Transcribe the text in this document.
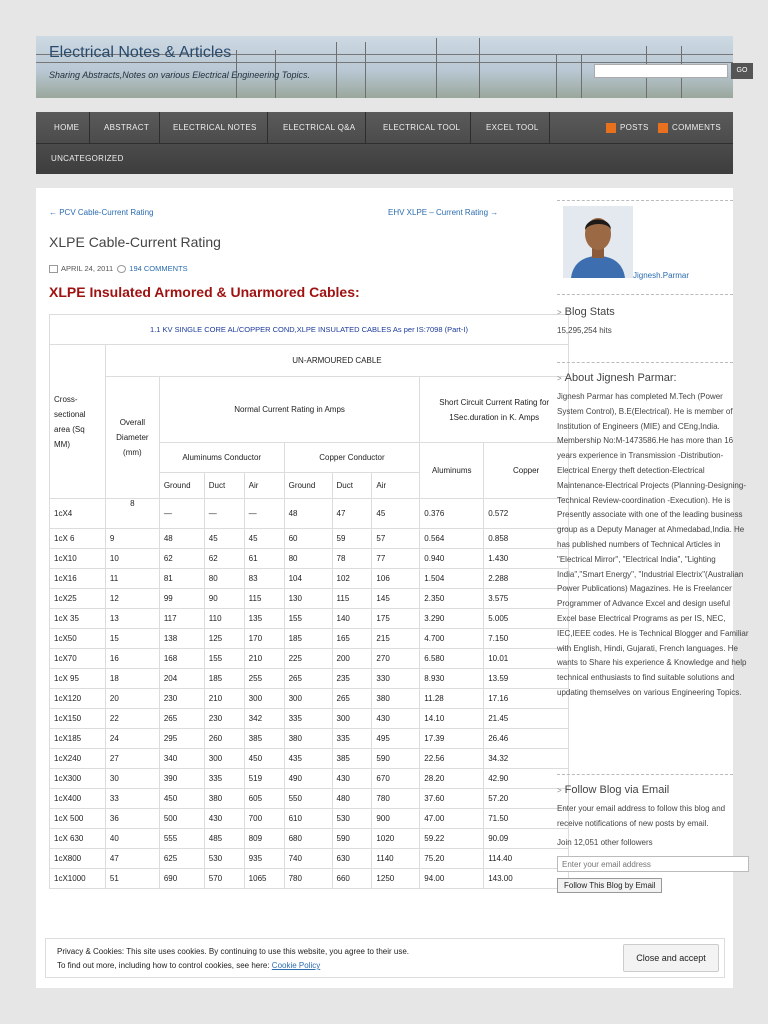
Electrical Notes & Articles
Sharing Abstracts,Notes on various Electrical Engineering Topics.	GO
HOME	ABSTRACT	ELECTRICAL NOTES	ELECTRICAL Q&A	ELECTRICAL TOOL	EXCEL TOOL	POSTS	COMMENTS
UNCATEGORIZED
← PCV Cable-Current Rating	EHV XLPE – Current Rating →
XLPE Cable-Current Rating
APRIL 24, 2011 194 COMMENTS
XLPE Insulated Armored & Unarmored Cables:
1.1 KV SINGLE CORE AL/COPPER COND,XLPE INSULATED CABLES As per IS:7098 (Part-I)									
Cross-sectional area (Sq MM)	UN-ARMOURED CABLE								
	Overall Diameter (mm)	Normal Current Rating in Amps						Short Circuit Current Rating for 1Sec.duration in K. Amps	
		Aluminums Conductor			Copper Conductor			Aluminums	Copper
		Ground	Duct	Air	Ground	Duct	Air		
1cX4	8	—	—	—	48	47	45	0.376	0.572
1cX 6	9	48	45	45	60	59	57	0.564	0.858
1cX10	10	62	62	61	80	78	77	0.940	1.430
1cX16	11	81	80	83	104	102	106	1.504	2.288
1cX25	12	99	90	115	130	115	145	2.350	3.575
1cX 35	13	117	110	135	155	140	175	3.290	5.005
1cX50	15	138	125	170	185	165	215	4.700	7.150
1cX70	16	168	155	210	225	200	270	6.580	10.01
1cX 95	18	204	185	255	265	235	330	8.930	13.59
1cX120	20	230	210	300	300	265	380	11.28	17.16
1cX150	22	265	230	342	335	300	430	14.10	21.45
1cX185	24	295	260	385	380	335	495	17.39	26.46
1cX240	27	340	300	450	435	385	590	22.56	34.32
1cX300	30	390	335	519	490	430	670	28.20	42.90
1cX400	33	450	380	605	550	480	780	37.60	57.20
1cX 500	36	500	430	700	610	530	900	47.00	71.50
1cX 630	40	555	485	809	680	590	1020	59.22	90.09
1cX800	47	625	530	935	740	630	1140	75.20	114.40
1cX1000	51	690	570	1065	780	660	1250	94.00	143.00
Jignesh.Parmar
> Blog Stats
15,295,254 hits
> About Jignesh Parmar:
Jignesh Parmar has completed M.Tech (Power System Control), B.E(Electrical). He is member of Institution of Engineers (MIE) and CEng,India. Membership No:M-1473586.He has more than 16 years experience in Transmission -Distribution-Electrical Energy theft detection-Electrical Maintenance-Electrical Projects (Planning-Designing-Technical Review-coordination -Execution). He is Presently associate with one of the leading business group as a Deputy Manager at Ahmedabad,India. He has published numbers of Technical Articles in "Electrical Mirror", "Electrical India", "Lighting India","Smart Energy", "Industrial Electrix"(Australian Power Publications) Magazines. He is Freelancer Programmer of Advance Excel and design useful Excel base Electrical Programs as per IS, NEC, IEC,IEEE codes. He is Technical Blogger and Familiar with English, Hindi, Gujarati, French languages. He wants to Share his experience & Knowledge and help technical enthusiasts to find suitable solutions and updating themselves on various Engineering Topics.
> Follow Blog via Email
Enter your email address to follow this blog and receive notifications of new posts by email.
Join 12,051 other followers
Enter your email address Follow This Blog by Email
Privacy & Cookies: This site uses cookies. By continuing to use this website, you agree to their use.
To find out more, including how to control cookies, see here: Cookie Policy
Close and accept
